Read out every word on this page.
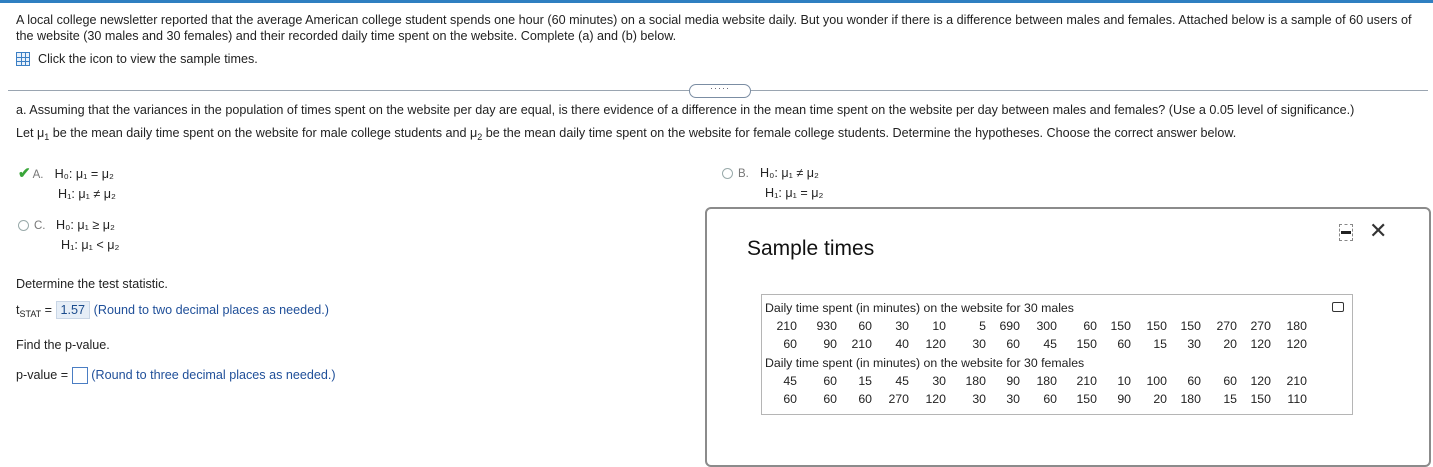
A local college newsletter reported that the average American college student spends one hour (60 minutes) on a social media website daily. But you wonder if there is a difference between males and females. Attached below is a sample of 60 users of the website (30 males and 30 females) and their recorded daily time spent on the website. Complete (a) and (b) below.
Click the icon to view the sample times.
·····
a. Assuming that the variances in the population of times spent on the website per day are equal, is there evidence of a difference in the mean time spent on the website per day between males and females? (Use a 0.05 level of significance.)
Let $\mu_1$ be the mean daily time spent on the website for male college students and $\mu_2$ be the mean daily time spent on the website for female college students. Determine the hypotheses. Choose the correct answer below.
✔ A. H₀: μ₁ = μ₂
H₁: μ₁ ≠ μ₂
B. H₀: μ₁ ≠ μ₂
H₁: μ₁ = μ₂
C. H₀: μ₁ ≥ μ₂
H₁: μ₁ < μ₂
Determine the test statistic.
$t_{STAT} = 1.57$ (Round to two decimal places as needed.)
Find the p-value.
p-value =  (Round to three decimal places as needed.)
Sample times
✕
Daily time spent (in minutes) on the website for 30 males
210	930	60	30	10	5	690	300	60	150	150	150	270	270	180
60	90	210	40	120	30	60	45	150	60	15	30	20	120	120
Daily time spent (in minutes) on the website for 30 females
45	60	15	45	30	180	90	180	210	10	100	60	60	120	210
60	60	60	270	120	30	30	60	150	90	20	180	15	150	110
